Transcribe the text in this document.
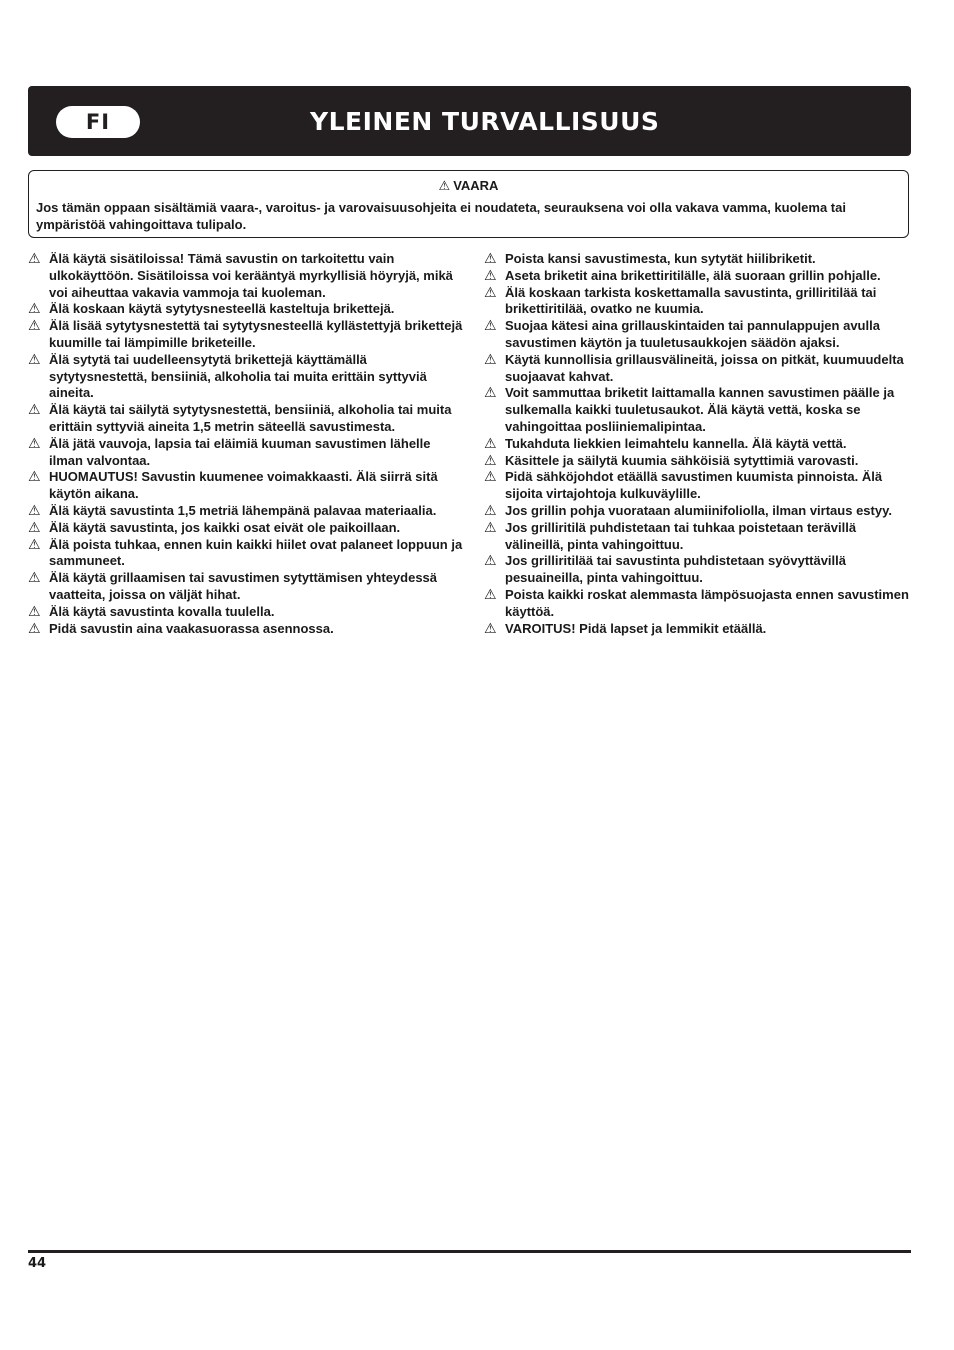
FI	YLEINEN TURVALLISUUS
⚠ VAARA
Jos tämän oppaan sisältämiä vaara-, varoitus- ja varovaisuusohjeita ei noudateta, seurauksena voi olla vakava vamma, kuolema tai ympäristöä vahingoittava tulipalo.
⚠ Älä käytä sisätiloissa! Tämä savustin on tarkoitettu vain ulkokäyttöön. Sisätiloissa voi kerääntyä myrkyllisiä höyryjä, mikä voi aiheuttaa vakavia vammoja tai kuoleman.
⚠ Älä koskaan käytä sytytysnesteellä kasteltuja brikettejä.
⚠ Älä lisää sytytysnestettä tai sytytysnesteellä kyllästettyjä brikettejä kuumille tai lämpimille briketeille.
⚠ Älä sytytä tai uudelleensytytä brikettejä käyttämällä sytytysnestettä, bensiiniä, alkoholia tai muita erittäin syttyviä aineita.
⚠ Älä käytä tai säilytä sytytysnestettä, bensiiniä, alkoholia tai muita erittäin syttyviä aineita 1,5 metrin säteellä savustimesta.
⚠ Älä jätä vauvoja, lapsia tai eläimiä kuuman savustimen lähelle ilman valvontaa.
⚠ HUOMAUTUS! Savustin kuumenee voimakkaasti. Älä siirrä sitä käytön aikana.
⚠ Älä käytä savustinta 1,5 metriä lähempänä palavaa materiaalia.
⚠ Älä käytä savustinta, jos kaikki osat eivät ole paikoillaan.
⚠ Älä poista tuhkaa, ennen kuin kaikki hiilet ovat palaneet loppuun ja sammuneet.
⚠ Älä käytä grillaamisen tai savustimen sytyttämisen yhteydessä vaatteita, joissa on väljät hihat.
⚠ Älä käytä savustinta kovalla tuulella.
⚠ Pidä savustin aina vaakasuorassa asennossa.
⚠ Poista kansi savustimesta, kun sytytät hiilibriketit.
⚠ Aseta briketit aina brikettiritilälle, älä suoraan grillin pohjalle.
⚠ Älä koskaan tarkista koskettamalla savustinta, grilliritilää tai brikettiritilää, ovatko ne kuumia.
⚠ Suojaa kätesi aina grillauskintaiden tai pannulappujen avulla savustimen käytön ja tuuletusaukkojen säädön ajaksi.
⚠ Käytä kunnollisia grillausvälineitä, joissa on pitkät, kuumuudelta suojaavat kahvat.
⚠ Voit sammuttaa briketit laittamalla kannen savustimen päälle ja sulkemalla kaikki tuuletusaukot. Älä käytä vettä, koska se vahingoittaa posliiniemalipintaa.
⚠ Tukahduta liekkien leimahtelu kannella. Älä käytä vettä.
⚠ Käsittele ja säilytä kuumia sähköisiä sytyttimiä varovasti.
⚠ Pidä sähköjohdot etäällä savustimen kuumista pinnoista. Älä sijoita virtajohtoja kulkuväylille.
⚠ Jos grillin pohja vuorataan alumiinifoliolla, ilman virtaus estyy.
⚠ Jos grilliritilä puhdistetaan tai tuhkaa poistetaan terävillä välineillä, pinta vahingoittuu.
⚠ Jos grilliritilää tai savustinta puhdistetaan syövyttävillä pesuaineilla, pinta vahingoittuu.
⚠ Poista kaikki roskat alemmasta lämpösuojasta ennen savustimen käyttöä.
⚠ VAROITUS! Pidä lapset ja lemmikit etäällä.
44
